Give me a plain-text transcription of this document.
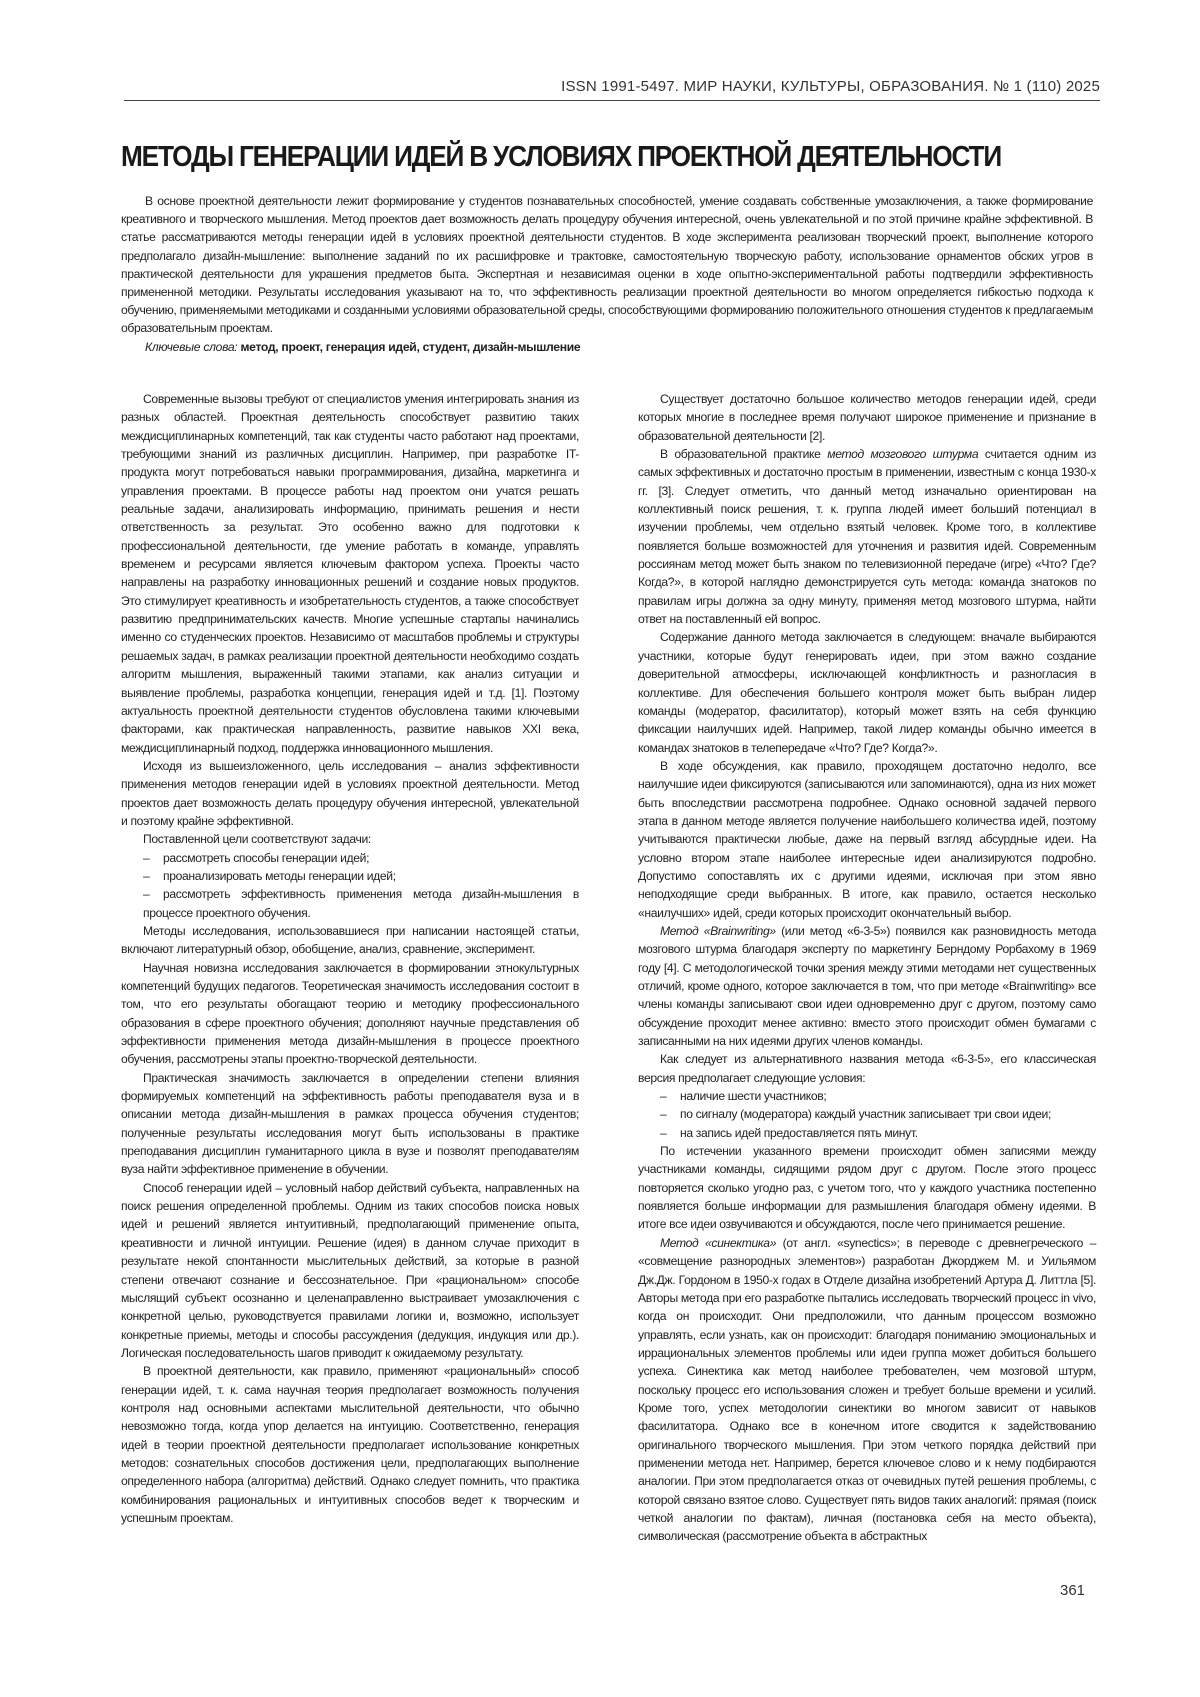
ISSN 1991-5497. МИР НАУКИ, КУЛЬТУРЫ, ОБРАЗОВАНИЯ. № 1 (110) 2025
МЕТОДЫ ГЕНЕРАЦИИ ИДЕЙ В УСЛОВИЯХ ПРОЕКТНОЙ ДЕЯТЕЛЬНОСТИ

В основе проектной деятельности лежит формирование у студентов познавательных способностей, умение создавать собственные умозаключения, а также формирование креативного и творческого мышления. Метод проектов дает возможность делать процедуру обучения интересной, очень увлекательной и по этой причине крайне эффективной. В статье рассматриваются методы генерации идей в условиях проектной деятельности студентов. В ходе эксперимента реализован творческий проект, выполнение которого предполагало дизайн-мышление: выполнение заданий по их расшифровке и трактовке, самостоятельную творческую работу, использование орнаментов обских угров в практической деятельности для украшения предметов быта. Экспертная и независимая оценки в ходе опытно-экспериментальной работы подтвердили эффективность примененной методики. Результаты исследования указывают на то, что эффективность реализации проектной деятельности во многом определяется гибкостью подхода к обучению, применяемыми методиками и созданными условиями образовательной среды, способствующими формированию положительного отношения студентов к предлагаемым образовательным проектам.

Ключевые слова: метод, проект, генерация идей, студент, дизайн-мышление

Современные вызовы требуют от специалистов умения интегрировать знания из разных областей. Проектная деятельность способствует развитию таких междисциплинарных компетенций, так как студенты часто работают над проектами, требующими знаний из различных дисциплин. Например, при разработке IT-продукта могут потребоваться навыки программирования, дизайна, маркетинга и управления проектами. В процессе работы над проектом они учатся решать реальные задачи, анализировать информацию, принимать решения и нести ответственность за результат. Это особенно важно для подготовки к профессиональной деятельности, где умение работать в команде, управлять временем и ресурсами является ключевым фактором успеха. Проекты часто направлены на разработку инновационных решений и создание новых продуктов. Это стимулирует креативность и изобретательность студентов, а также способствует развитию предпринимательских качеств. Многие успешные стартапы начинались именно со студенческих проектов. Независимо от масштабов проблемы и структуры решаемых задач, в рамках реализации проектной деятельности необходимо создать алгоритм мышления, выраженный такими этапами, как анализ ситуации и выявление проблемы, разработка концепции, генерация идей и т.д. [1]. Поэтому актуальность проектной деятельности студентов обусловлена такими ключевыми факторами, как практическая направленность, развитие навыков XXI века, междисциплинарный подход, поддержка инновационного мышления.

Исходя из вышеизложенного, цель исследования – анализ эффективности применения методов генерации идей в условиях проектной деятельности. Метод проектов дает возможность делать процедуру обучения интересной, увлекательной и поэтому крайне эффективной.

Поставленной цели соответствуют задачи:

– рассмотреть способы генерации идей;
– проанализировать методы генерации идей;
– рассмотреть эффективность применения метода дизайн-мышления в процессе проектного обучения.

Методы исследования, использовавшиеся при написании настоящей статьи, включают литературный обзор, обобщение, анализ, сравнение, эксперимент.

Научная новизна исследования заключается в формировании этнокультурных компетенций будущих педагогов. Теоретическая значимость исследования состоит в том, что его результаты обогащают теорию и методику профессионального образования в сфере проектного обучения; дополняют научные представления об эффективности применения метода дизайн-мышления в процессе проектного обучения, рассмотрены этапы проектно-творческой деятельности.

Практическая значимость заключается в определении степени влияния формируемых компетенций на эффективность работы преподавателя вуза и в описании метода дизайн-мышления в рамках процесса обучения студентов; полученные результаты исследования могут быть использованы в практике преподавания дисциплин гуманитарного цикла в вузе и позволят преподавателям вуза найти эффективное применение в обучении.

Способ генерации идей – условный набор действий субъекта, направленных на поиск решения определенной проблемы. Одним из таких способов поиска новых идей и решений является интуитивный, предполагающий применение опыта, креативности и личной интуиции. Решение (идея) в данном случае приходит в результате некой спонтанности мыслительных действий, за которые в разной степени отвечают сознание и бессознательное. При «рациональном» способе мыслящий субъект осознанно и целенаправленно выстраивает умозаключения с конкретной целью, руководствуется правилами логики и, возможно, использует конкретные приемы, методы и способы рассуждения (дедукция, индукция или др.). Логическая последовательность шагов приводит к ожидаемому результату.

В проектной деятельности, как правило, применяют «рациональный» способ генерации идей, т. к. сама научная теория предполагает возможность получения контроля над основными аспектами мыслительной деятельности, что обычно невозможно тогда, когда упор делается на интуицию. Соответственно, генерация идей в теории проектной деятельности предполагает использование конкретных методов: сознательных способов достижения цели, предполагающих выполнение определенного набора (алгоритма) действий. Однако следует помнить, что практика комбинирования рациональных и интуитивных способов ведет к творческим и успешным проектам.

Существует достаточно большое количество методов генерации идей, среди которых многие в последнее время получают широкое применение и признание в образовательной деятельности [2].

В образовательной практике метод мозгового штурма считается одним из самых эффективных и достаточно простым в применении, известным с конца 1930-х гг. [3]. Следует отметить, что данный метод изначально ориентирован на коллективный поиск решения, т. к. группа людей имеет больший потенциал в изучении проблемы, чем отдельно взятый человек. Кроме того, в коллективе появляется больше возможностей для уточнения и развития идей. Современным россиянам метод может быть знаком по телевизионной передаче (игре) «Что? Где? Когда?», в которой наглядно демонстрируется суть метода: команда знатоков по правилам игры должна за одну минуту, применяя метод мозгового штурма, найти ответ на поставленный ей вопрос.

Содержание данного метода заключается в следующем: вначале выбираются участники, которые будут генерировать идеи, при этом важно создание доверительной атмосферы, исключающей конфликтность и разногласия в коллективе. Для обеспечения большего контроля может быть выбран лидер команды (модератор, фасилитатор), который может взять на себя функцию фиксации наилучших идей. Например, такой лидер команды обычно имеется в командах знатоков в телепередаче «Что? Где? Когда?».

В ходе обсуждения, как правило, проходящем достаточно недолго, все наилучшие идеи фиксируются (записываются или запоминаются), одна из них может быть впоследствии рассмотрена подробнее. Однако основной задачей первого этапа в данном методе является получение наибольшего количества идей, поэтому учитываются практически любые, даже на первый взгляд абсурдные идеи. На условно втором этапе наиболее интересные идеи анализируются подробно. Допустимо сопоставлять их с другими идеями, исключая при этом явно неподходящие среди выбранных. В итоге, как правило, остается несколько «наилучших» идей, среди которых происходит окончательный выбор.

Метод «Brainwriting» (или метод «6-3-5») появился как разновидность метода мозгового штурма благодаря эксперту по маркетингу Берндому Рорбахому в 1969 году [4]. С методологической точки зрения между этими методами нет существенных отличий, кроме одного, которое заключается в том, что при методе «Brainwriting» все члены команды записывают свои идеи одновременно друг с другом, поэтому само обсуждение проходит менее активно: вместо этого происходит обмен бумагами с записанными на них идеями других членов команды.

Как следует из альтернативного названия метода «6-3-5», его классическая версия предполагает следующие условия:

– наличие шести участников;
– по сигналу (модератора) каждый участник записывает три свои идеи;
– на запись идей предоставляется пять минут.

По истечении указанного времени происходит обмен записями между участниками команды, сидящими рядом друг с другом. После этого процесс повторяется сколько угодно раз, с учетом того, что у каждого участника постепенно появляется больше информации для размышления благодаря обмену идеями. В итоге все идеи озвучиваются и обсуждаются, после чего принимается решение.

Метод «синектика» (от англ. «synectics»; в переводе с древнегреческого – «совмещение разнородных элементов») разработан Джорджем М. и Уильямом Дж.Дж. Гордоном в 1950-х годах в Отделе дизайна изобретений Артура Д. Литтла [5]. Авторы метода при его разработке пытались исследовать творческий процесс in vivo, когда он происходит. Они предположили, что данным процессом возможно управлять, если узнать, как он происходит: благодаря пониманию эмоциональных и иррациональных элементов проблемы или идеи группа может добиться большего успеха. Синектика как метод наиболее требователен, чем мозговой штурм, поскольку процесс его использования сложен и требует больше времени и усилий. Кроме того, успех методологии синектики во многом зависит от навыков фасилитатора. Однако все в конечном итоге сводится к задействованию оригинального творческого мышления. При этом четкого порядка действий при применении метода нет. Например, берется ключевое слово и к нему подбираются аналогии. При этом предполагается отказ от очевидных путей решения проблемы, с которой связано взятое слово. Существует пять видов таких аналогий: прямая (поиск четкой аналогии по фактам), личная (постановка себя на место объекта), символическая (рассмотрение объекта в абстрактных

361
